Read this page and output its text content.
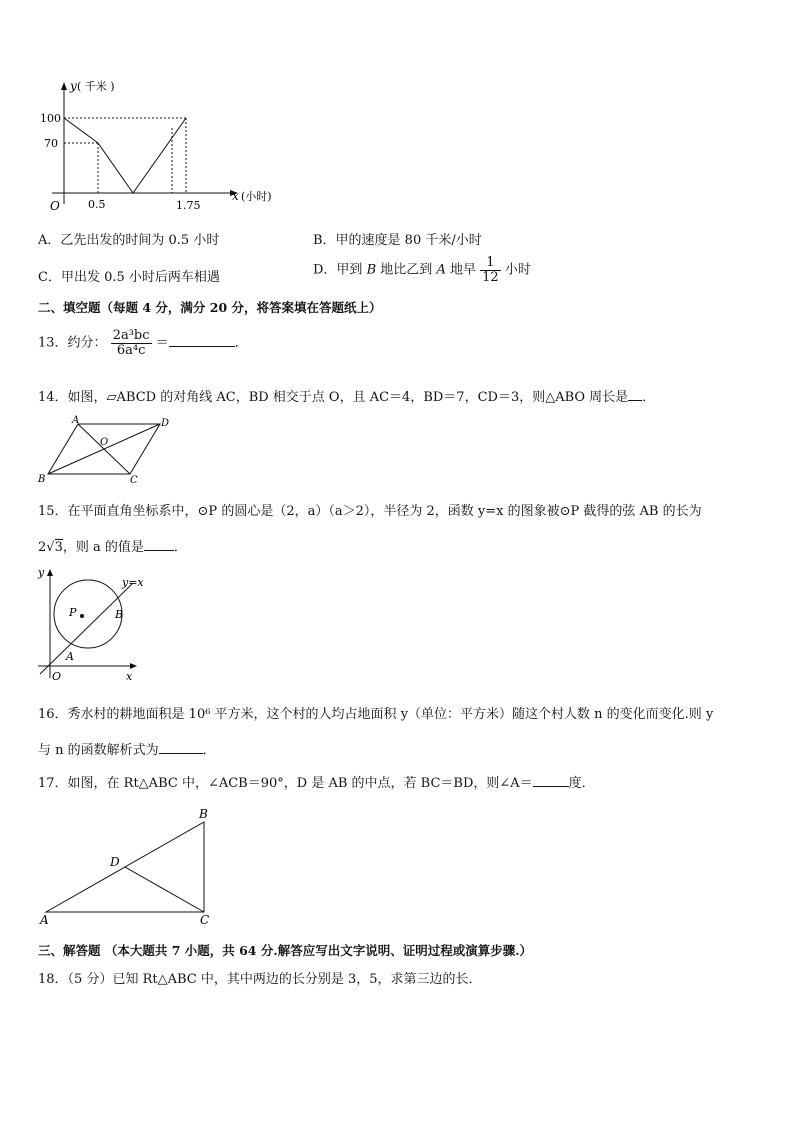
y ( 千米 )
100
70
O	0.5	1.75
x (小时)
A．乙先出发的时间为 0.5 小时	B．甲的速度是 80 千米/小时
C．甲出发 0.5 小时后两车相遇	D．甲到 B 地比乙到 A 地早 $\frac{1}{12}$ 小时
二、填空题（每题 4 分，满分 20 分，将答案填在答题纸上）
13．约分： $\frac{\text{2a³bc}}{\text{6a⁴c}}$ ＝	．
14．如图，▱ABCD 的对角线 AC，BD 相交于点 O，且 AC＝4，BD＝7，CD＝3，则△ABO 周长是 ．
A	D
B	C
O
15．在平面直角坐标系中，⊙P 的圆心是（2，a）（a＞2），半径为 2，函数 y=x 的图象被⊙P 截得的弦 AB 的长为
2√3，则 a 的值是 ．
y
y=x
P	B
A
O	x
16．秀水村的耕地面积是 10⁶ 平方米，这个村的人均占地面积 y（单位：平方米）随这个村人数 n 的变化而变化.则 y
与 n 的函数解析式为	．
17．如图，在 Rt△ABC 中，∠ACB＝90°，D 是 AB 的中点，若 BC＝BD，则∠A＝	度．
B
D
A	C
三、解答题 （本大题共 7 小题，共 64 分.解答应写出文字说明、证明过程或演算步骤.）
18．（5 分）已知 Rt△ABC 中，其中两边的长分别是 3，5，求第三边的长．
